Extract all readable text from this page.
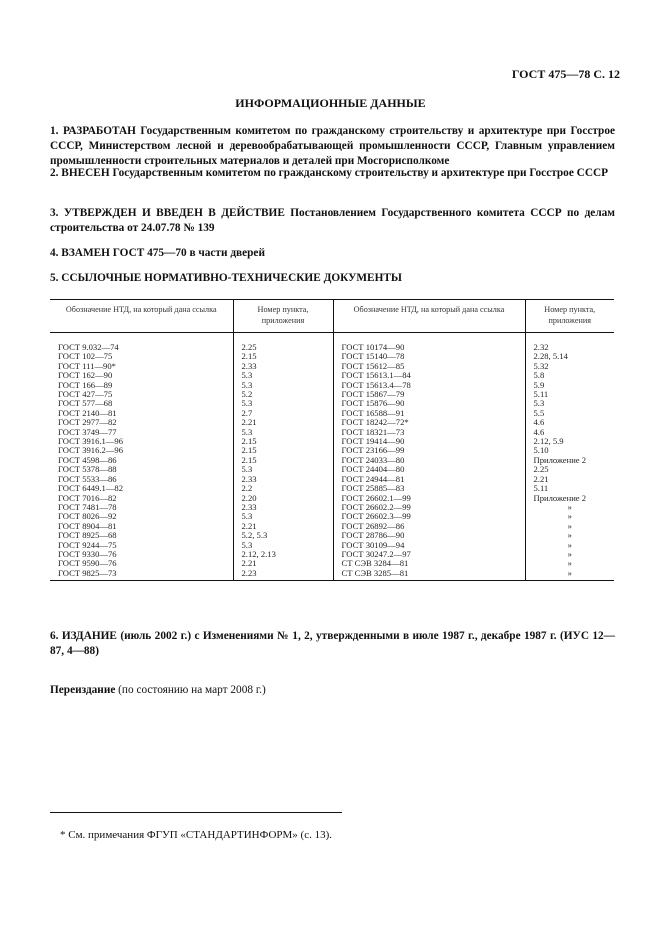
ГОСТ 475—78 С. 12
ИНФОРМАЦИОННЫЕ ДАННЫЕ
1. РАЗРАБОТАН Государственным комитетом по гражданскому строительству и архитектуре при Госстрое СССР, Министерством лесной и деревообрабатывающей промышленности СССР, Главным управлением промышленности строительных материалов и деталей при Мосгорисполкоме
2. ВНЕСЕН Государственным комитетом по гражданскому строительству и архитектуре при Госстрое СССР
3. УТВЕРЖДЕН И ВВЕДЕН В ДЕЙСТВИЕ Постановлением Государственного комитета СССР по делам строительства от 24.07.78 № 139
4. ВЗАМЕН ГОСТ 475—70 в части дверей
5. ССЫЛОЧНЫЕ НОРМАТИВНО-ТЕХНИЧЕСКИЕ ДОКУМЕНТЫ
Обозначение НТД, на который дана ссылка	Номер пункта, приложения	Обозначение НТД, на который дана ссылка	Номер пункта, приложения
ГОСТ 9.032—74	2.25	ГОСТ 10174—90	2.32
ГОСТ 102—75	2.15	ГОСТ 15140—78	2.28, 5.14
ГОСТ 111—90*	2.33	ГОСТ 15612—85	5.32
ГОСТ 162—90	5.3	ГОСТ 15613.1—84	5.8
ГОСТ 166—89	5.3	ГОСТ 15613.4—78	5.9
ГОСТ 427—75	5.2	ГОСТ 15867—79	5.11
ГОСТ 577—68	5.3	ГОСТ 15876—90	5.3
ГОСТ 2140—81	2.7	ГОСТ 16588—91	5.5
ГОСТ 2977—82	2.21	ГОСТ 18242—72*	4.6
ГОСТ 3749—77	5.3	ГОСТ 18321—73	4.6
ГОСТ 3916.1—96	2.15	ГОСТ 19414—90	2.12, 5.9
ГОСТ 3916.2—96	2.15	ГОСТ 23166—99	5.10
ГОСТ 4598—86	2.15	ГОСТ 24033—80	Приложение 2
ГОСТ 5378—88	5.3	ГОСТ 24404—80	2.25
ГОСТ 5533—86	2.33	ГОСТ 24944—81	2.21
ГОСТ 6449.1—82	2.2	ГОСТ 25885—83	5.11
ГОСТ 7016—82	2.20	ГОСТ 26602.1—99	Приложение 2
ГОСТ 7481—78	2.33	ГОСТ 26602.2—99	»
ГОСТ 8026—92	5.3	ГОСТ 26602.3—99	»
ГОСТ 8904—81	2.21	ГОСТ 26892—86	»
ГОСТ 8925—68	5.2, 5.3	ГОСТ 28786—90	»
ГОСТ 9244—75	5.3	ГОСТ 30109—94	»
ГОСТ 9330—76	2.12, 2.13	ГОСТ 30247.2—97	»
ГОСТ 9590—76	2.21	СТ СЭВ 3284—81	»
ГОСТ 9825—73	2.23	СТ СЭВ 3285—81	»
6. ИЗДАНИЕ (июль 2002 г.) с Изменениями № 1, 2, утвержденными в июле 1987 г., декабре 1987 г. (ИУС 12—87, 4—88)
Переиздание (по состоянию на март 2008 г.)
* См. примечания ФГУП «СТАНДАРТИНФОРМ» (с. 13).
